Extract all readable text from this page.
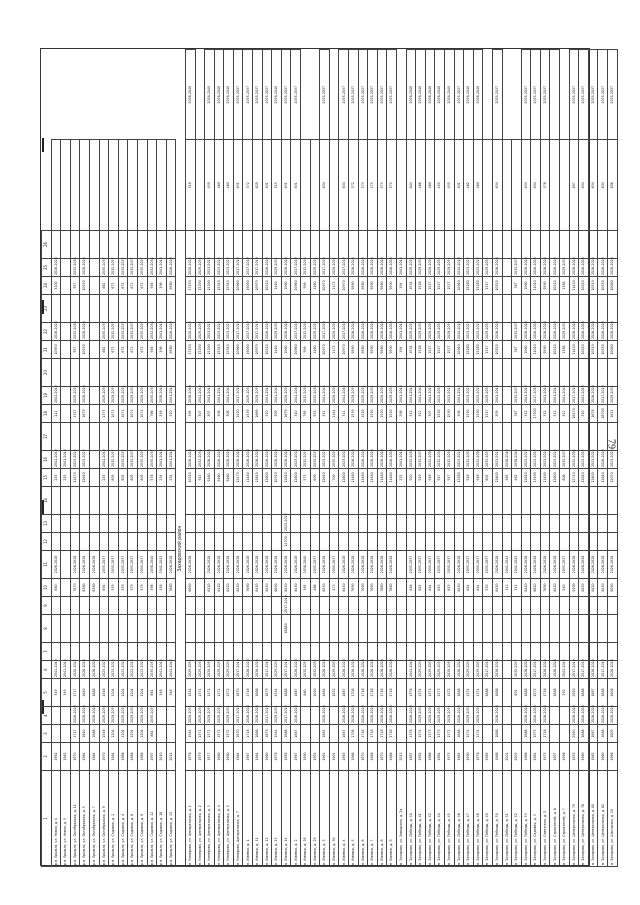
79
1	2	3	4	5	6	7	8	9	10	11	12	13	14	15	16	17	18	19	20	21	22	23	24	25	26		
р.п. Ерымла, ул. Новая, д. 4	1962			349	2041-2043				880	2026-2028				255	2041-2043		111	2041-2043		10950	2026-2028		3100	2026-2028			
р.п. Ерымла, ул. Новая, д. 5	1962			349	2041-2043									255	2041-2043												
р.п. Ерымла, ул. Октябрьская, д. 11	1970	1717	2026-2028	1717	2020-2022				7670	2026-2028				11470	2023-2025		1327	2029-2031		957	2032-2034		957	2032-2034			
р.п. Ерымла, ул. Октябрьская, д. 5	1964	1840	2026-2028	1840	2026-2028				8380	2026-2028				12610	2023-2025		1679	2026-2028		10550	2026-2028		10550	2026-2028			
р.п. Ерымла, ул. Октябрьская, д. 7	1964	1888	2026-2028	1888	2026-2028				8380	2026-2028																	
р.п. Ерымла, ул. Октябрьская, д. 9	1970	1546	2029-2031	1546	2023-2025				691	2035-2037				255	2041-2043		1375	2029-2031		862	2035-2037		862	2035-2037			
р.п. Ерымла, ул. Садовая, д. 2	1984	1204	2029-2031	1204	2023-2025				559	2035-2037				805	2035-2037		1071	2029-2031		672	2035-2037		672	2035-2037			
р.п. Ерымла, ул. Садовая, д. 4	1986	1204	2029-2031	1204	2023-2025				559	2035-2037				805	2035-2037		1071	2029-2031		672	2035-2037		672	2035-2037			
р.п. Ерымла, ул. Садовая, д. 6	1988	1204	2029-2031	1204	2023-2025				579	2035-2037				805	2035-2037		1071	2029-2031		672	2035-2037		672	2035-2037			
р.п. Ерымла, ул. Садовая, д. 8	1988	1204	2029-2031	1204	2023-2025				579	2035-2037				805	2035-2037		1071	2029-2031		672	2035-2037		672	2035-2037			
р.п. Ерымла, ул. Садовая, д. 12	1997	861	2035-2037	861	2035-2037				396	2038-2040				576	2035-2037		766	2035-2037		956	2032-2034		956	2032-2034			
р.п. Ерымла, ул. Садовая, д. 18	2010			348	2041-2043				158	2041-2043				234	2041-2043		316	2038-2040		196	2041-2043		196	2041-2043			
р.п. Ерымла, ул. Садовая, д. 25	2014			348	2041-2043				7680	2026-2028				234	2041-2043		310	2041-2043		9580	2026-2028		9580	2026-2028			
Захаровский район																											
п. Кемерово, ул. Центральная, д. 1	1976	1544	2029-2031	1544	2029-2031				6890	2026-2028				10310	2026-2028		395	2038-2040		17150	2020-2022		17150	2020-2022		518	2038-2040
п. Кемерово, ул. Центральная, д. 2	1979	1371	2029-2031	1371	2029-2031									915	2032-2034		307	2041-2043		15290	2029-2031		15290	2029-2031			
п. Кемерово, ул. Центральная, д. 3	1977	1372	2029-2031	1371	2029-2031				6120	2026-2028				9160	2026-2028		307	2041-2043		15290	2023-2025		15290	2023-2025		459	2038-2040
п. Кемерово, ул. Центральная, д. 4	1980	1372	2029-2031	1372	2029-2031				6120	2026-2028				9160	2026-2028		308	2041-2043		15340	2023-2025		15340	2023-2025		460	2038-2040
п. Кемерово, ул. Центральная, д. 5	1980	1372	2029-2031	1372	2029-2031				6120	2026-2028				9160	2026-2028		308	2041-2043		15340	2023-2025		15340	2023-2025		460	2038-2040
п. Кемерово, Центральная, д. 7	1964	1870	2017-2019	1870	2017-2019				8430	2026-2028				12470	2026-2028		1420	2017-2019		20960	2017-2019		20960	2017-2019		631	2035-2037
п. Ижевск, д. 1	1967	1718	2026-2028	1718	2026-2028				7690	2026-2028				11480	2026-2028		1539	2029-2031		19090	2017-2019		19090	2017-2019		572	2035-2037
п. Ижевск, д. 11	1964	1888	2026-2028	1888	2026-2028				8450	2026-2028				12610	2026-2028		1669	2029-2031		20970	2017-2019		20970	2017-2019		629	2035-2037
п. Ижевск, д. 12	1960	1879	2017-2019	1879	2017-2019				8450	2026-2028				12600	2026-2028		310	2041-2043		10510	2026-2028		10510	2026-2028		631	2035-2037
п. Ижевск, д. 13	1978	1544	2029-2031	1544	2029-2031				6890	2026-2028				10310	2026-2028		309	2041-2043		1440	2029-2031		1440	2029-2031		515	2038-2040
п. Ижевск, д. 14	1985	1888	2017-2019	1888	2017-2019		18880	2017-2019	8450	2026-2028	14700	2023-2025		12610	2026-2028		1679	2029-2031		1060	2026-2028		1060	2026-2028		631	2035-2037
п. Ижевск, д. 2	1967	1887	2026-2028	1887	2026-2028				8430	2026-2028				12600	2023-2025		310	2041-2043		20960	2017-2019		20960	2017-2019		631	2035-2037
п. Ижевск, д. 28	1990			860	2035-2037				385	2038-2040				575	2035-2037		765	2032-2034		956	2032-2034		956	2032-2034			
п. Ижевск, д. 29	1992			1050	2032-2034				466	2035-2037				699	2035-2037		933	2032-2034		1160	2029-2031		1160	2029-2031			
п. Ижевск, д. 3	1961	1885	2026-2028	1885	2026-2028				8430	2026-2028				12610	2023-2025		311	2041-2043		20970	2017-2019		20970	2017-2019		634	2035-2037
п. Ижевск, д. 30	1991			1052	2029-2031				473	2035-2037				700	2035-2037		1144	2029-2031		1172	2029-2031		1172	2029-2031			
п. Ижевск, д. 4	1963	1887	2026-2028	1887	2026-2028				8450	2026-2028				12600	2023-2025		311	2041-2043		20970	2017-2019		20970	2017-2019		634	2035-2037
п. Ижевск, д. 5	1966	1708	2026-2028	1708	2026-2028				7690	2026-2028				11480	2026-2028		1539	2029-2031		9580	2026-2028		9580	2026-2028		572	2035-2037
п. Ижевск, д. 6	1970	1716	2026-2028	1716	2026-2028				7690	2026-2028				11480	2026-2028		1529	2029-2031		9580	2026-2028		9580	2026-2028		573	2035-2037
п. Ижевск, д. 7	1968	1718	2026-2028	1718	2026-2028				7690	2026-2028				11480	2026-2028		1530	2029-2031		9590	2026-2028		9590	2026-2028		575	2035-2037
п. Ижевск, д. 8	1970	1718	2026-2028	1718	2026-2028				7680	2026-2028				11480	2026-2028		1520	2029-2031		9580	2026-2028		9580	2026-2028		575	2035-2037
п. Ижевск, д. 9	1966	1718	2026-2028	1718	2026-2028				7680	2026-2028				11480	2026-2028		1520	2029-2031		9590	2026-2028		9590	2026-2028		575	2035-2037
п. Захарово, ул. Заводская, д. 2а	2013													232	2041-2043		298	2041-2043		194	2041-2043		194	2041-2043			
п. Захарово, ул. Победы, д. 40	1987	1376	2026-2028	1376	2041-2043				616	2035-2037				920	2032-2034		312	2041-2043		1534	2029-2031		1534	2029-2031		644	2038-2040
п. Захарово, ул. Победы, д. 41	1982	1374	2029-2031	1374	2029-2031				615	2035-2037				919	2035-2037		312	2041-2043		1528	2029-2031		1528	2029-2031		466	2038-2040
п. Захарово, ул. Победы, д. 42	1986	1373	2029-2031	1373	2029-2031				614	2035-2037				918	2032-2034		307	2041-2043		1527	2029-2031		1527	2029-2031		460	2038-2040
п. Захарово, ул. Победы, д. 44	1981	1373	2029-2031	1373	2029-2031				613	2035-2037				917	2032-2034		1530	2023-2025		1527	2029-2031		1527	2029-2031		455	2038-2040
п. Захарово, ул. Победы, д. 45	1975	1372	2029-2031	1372	2029-2031				613	2035-2037				917	2032-2034		1530	2023-2025		1527	2029-2031		1527	2029-2031		455	2038-2040
п. Захарово, ул. Победы, д. 46	1965	1888	2026-2028	1888	2026-2028				8450	2026-2028				12580	2023-2025		308	2041-2043		20940	2014-2016		20940	2014-2016		631	2035-2037
п. Захарово, ул. Победы, д. 47	1990	1374	2029-2031	1374	2029-2031				614	2035-2037				918	2032-2034		1530	2023-2025		15280	2023-2025		15280	2023-2025		462	2038-2040
п. Захарово, ул. Победы, д. 48	1976	1374	2029-2031	1374	2029-2031				614	2035-2037				918	2032-2034		1530	2023-2025		15280	2023-2025		15280	2023-2025		460	2038-2040
п. Захарово, ул. Победы, д. 49	1985			1888	2017-2019				530	2035-2037				805	2035-2037		1317	2029-2031		1317	2029-2031		1317	2029-2031			
п. Захарово, ул. Победы, д. 50	1968	1888	2026-2028	1888	2026-2028				8450	2026-2028				12600	2023-2025		309	2041-2043		10520	2026-2028		10520	2026-2028		634	2035-2037
п. Захарово, ул. Победы, д. 51	2001								312	2041-2043				465	2038-2040												
п. Захарово, ул. Победы, д. 52	2003			691	2035-2037				311	2041-2043				462	2038-2040		767	2035-2037		767	2035-2037		767	2035-2037			
п. Захарово, ул. Победы, д. 53	1968	1888	2026-2028	1888	2026-2028				8440	2026-2028				12610	2023-2025		312	2041-2043		1060	2026-2028		1060	2026-2028		634	2035-2037
п. Захарово, ул. Садовая, д. 3	1962	1975	2026-2028	1975	2017-2019				8820	2026-2028				13190	2023-2025		17500	2017-2019		11010	2026-2028		11010	2026-2028		634	2035-2037
п. Захарово, ул. Советская, д. 5	1975	1718	2026-2028	1718	2026-2028				7690	2026-2028				11490	2023-2025		312	2041-2043		9590	2026-2028		9590	2026-2028		578	2035-2037
п. Захарово, ул. Строителей, д. 6	1997			1888	2026-2028				8420	2026-2028				12600	2023-2025		312	2041-2043		10510	2026-2028		10510	2026-2028			
п. Захарово, ул. Строителей, д. 7	1998			350	2041-2043				540	2035-2037				806	2035-2037		312	2041-2043		1388	2029-2031		1388	2029-2031			
п. Захарово, ул. Центральная, д. 75	1955	2950	2026-2028	2950	2017-2019				9190	2026-2028				12710	2032-2034		18170	2017-2019		11430	2026-2028		11430	2026-2028		607	2035-2037
п. Захарово, ул. Центральная, д. 76	1960	1888	2026-2028	1888	2017-2019				8450	2026-2028				12610	2023-2025		310	2041-2043		10520	2026-2028		10520	2026-2028		634	2035-2037
п. Захарово, ул. Центральная, д. 80	1962	1887	2026-2028	1887	2026-2028				8420	2026-2028				12600	2023-2025		1678	2026-2028		10510	2026-2028		10510	2026-2028		634	2035-2037
п. Захарово, ул. Центральная, д. 82	1960	1888	2026-2028	1888	2017-2019				8430	2026-2028				12610	2026-2028		18790	2017-2019		10530	2026-2028		10530	2026-2028		634	2035-2037
п. Захарово, ул. Школьная, д. 10	1966	1809	2026-2028	1808	2026-2028				8090	2026-2028				12070	2023-2025		1611	2029-2031		10080	2026-2028		10080	2026-2028		606	2035-2037
